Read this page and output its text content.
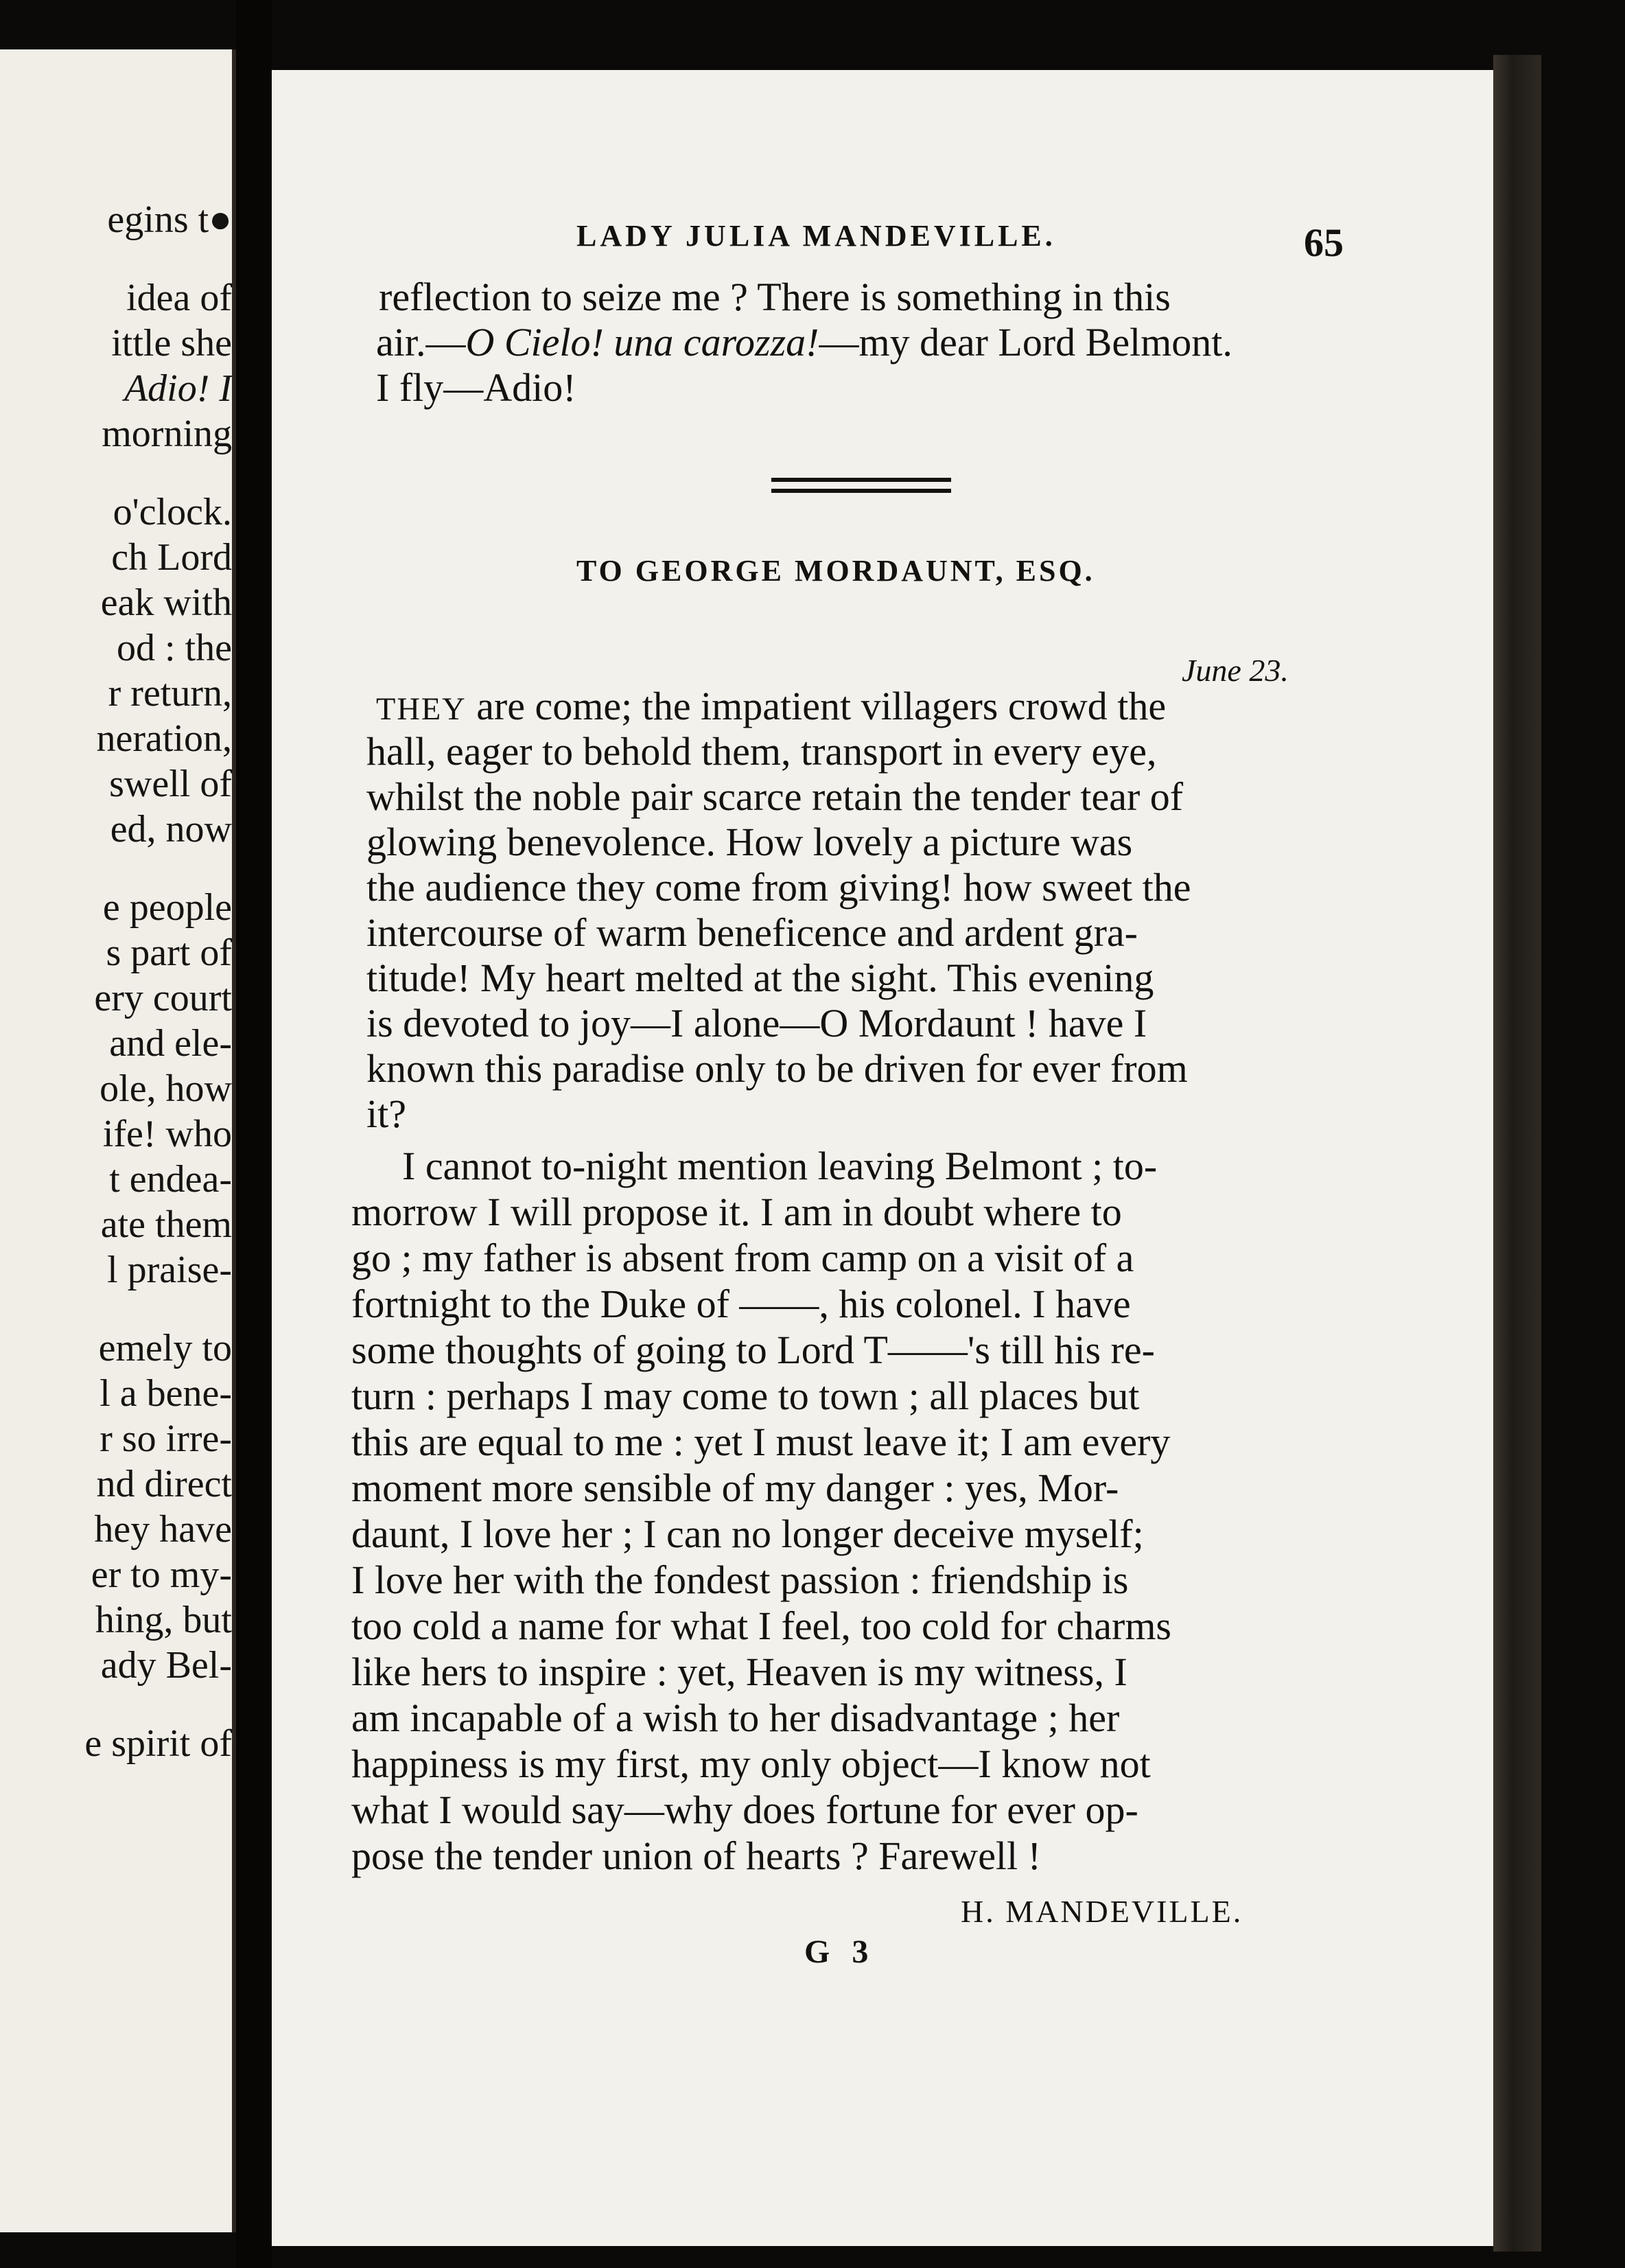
egins t●
idea of
ittle she
Adio! I
morning
o'clock.
ch Lord
eak with
od : the
r return,
neration,
swell of
ed, now
e people
s part of
ery court
and ele-
ole, how
ife! who
t endea-
ate them
l praise-
emely to
l a bene-
r so irre-
nd direct
hey have
er to my-
hing, but
ady Bel-
e spirit of
LADY JULIA MANDEVILLE.	65
reflection to seize me ? There is something in this
air.—O Cielo! una carozza!—my dear Lord Belmont.
I fly—Adio!
TO GEORGE MORDAUNT, ESQ.
June 23.
THEY are come; the impatient villagers crowd the
hall, eager to behold them, transport in every eye,
whilst the noble pair scarce retain the tender tear of
glowing benevolence. How lovely a picture was
the audience they come from giving! how sweet the
intercourse of warm beneficence and ardent gra-
titude! My heart melted at the sight. This evening
is devoted to joy—I alone—O Mordaunt ! have I
known this paradise only to be driven for ever from
it?
I cannot to-night mention leaving Belmont ; to-
morrow I will propose it. I am in doubt where to
go ; my father is absent from camp on a visit of a
fortnight to the Duke of ——, his colonel. I have
some thoughts of going to Lord T——'s till his re-
turn : perhaps I may come to town ; all places but
this are equal to me : yet I must leave it; I am every
moment more sensible of my danger : yes, Mor-
daunt, I love her ; I can no longer deceive myself;
I love her with the fondest passion : friendship is
too cold a name for what I feel, too cold for charms
like hers to inspire : yet, Heaven is my witness, I
am incapable of a wish to her disadvantage ; her
happiness is my first, my only object—I know not
what I would say—why does fortune for ever op-
pose the tender union of hearts ? Farewell !
H. MANDEVILLE.
G 3
